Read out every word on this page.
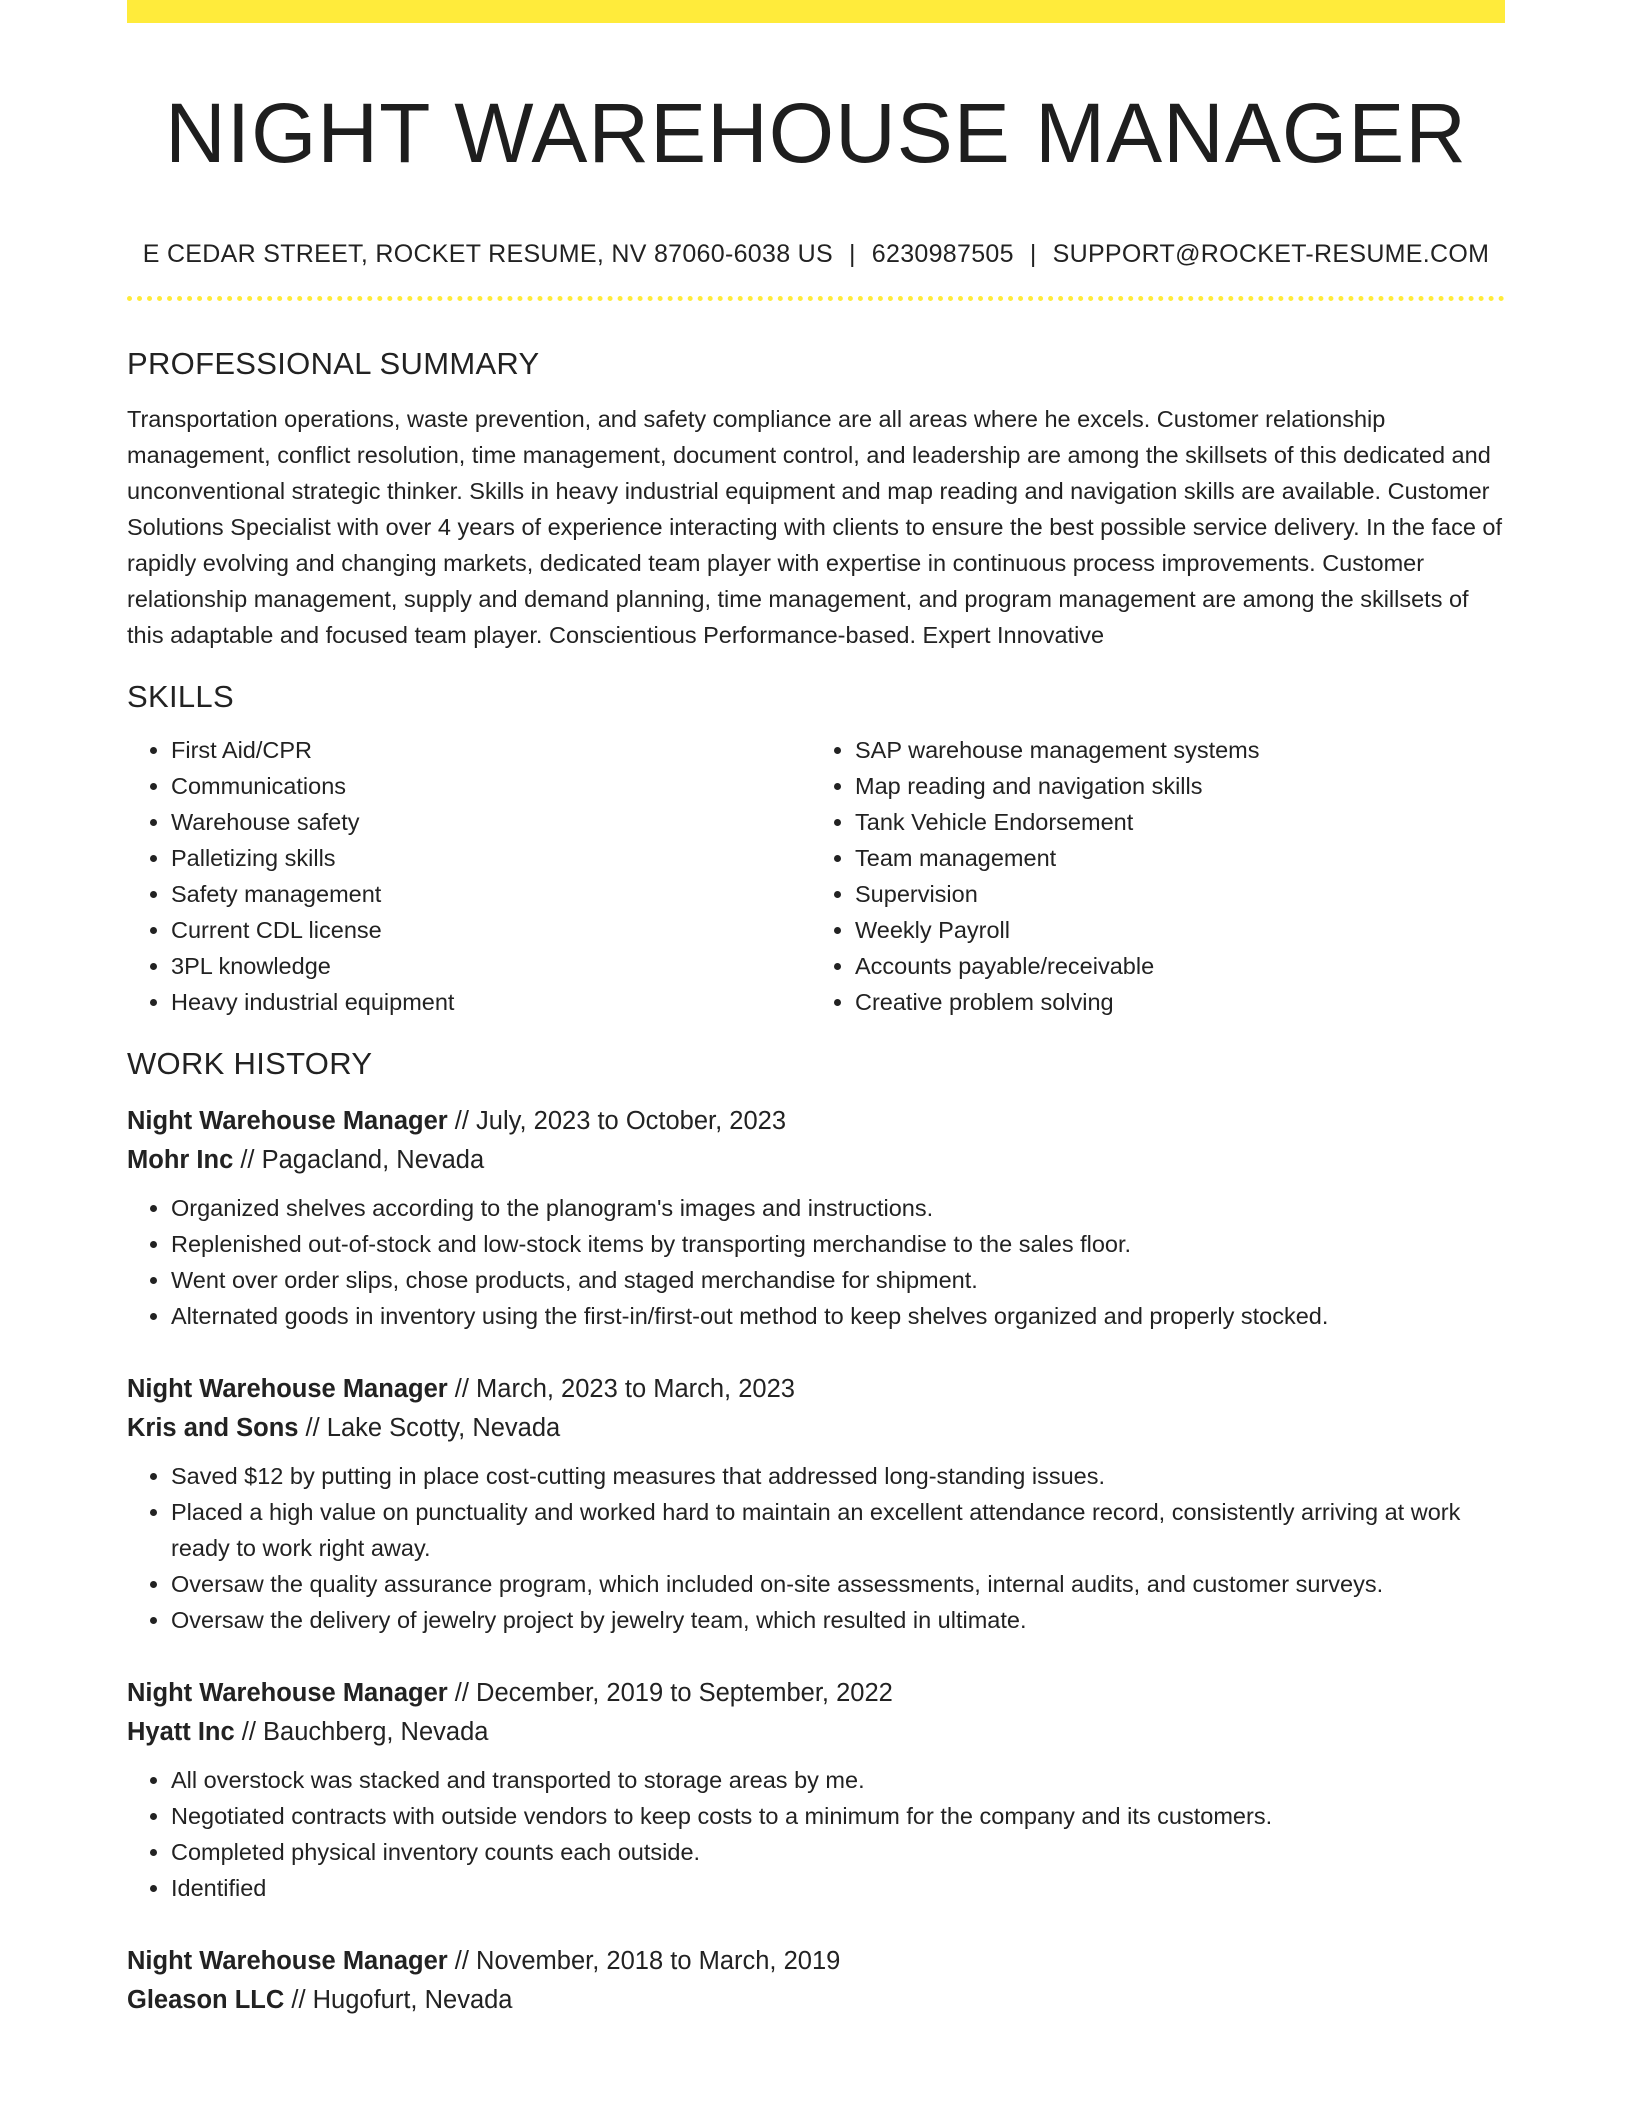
NIGHT WAREHOUSE MANAGER
E CEDAR STREET, ROCKET RESUME, NV 87060-6038 US | 6230987505 | SUPPORT@ROCKET-RESUME.COM
PROFESSIONAL SUMMARY
Transportation operations, waste prevention, and safety compliance are all areas where he excels. Customer relationship management, conflict resolution, time management, document control, and leadership are among the skillsets of this dedicated and unconventional strategic thinker. Skills in heavy industrial equipment and map reading and navigation skills are available. Customer Solutions Specialist with over 4 years of experience interacting with clients to ensure the best possible service delivery. In the face of rapidly evolving and changing markets, dedicated team player with expertise in continuous process improvements. Customer relationship management, supply and demand planning, time management, and program management are among the skillsets of this adaptable and focused team player. Conscientious Performance-based. Expert Innovative
SKILLS
• First Aid/CPR
• Communications
• Warehouse safety
• Palletizing skills
• Safety management
• Current CDL license
• 3PL knowledge
• Heavy industrial equipment
• SAP warehouse management systems
• Map reading and navigation skills
• Tank Vehicle Endorsement
• Team management
• Supervision
• Weekly Payroll
• Accounts payable/receivable
• Creative problem solving
WORK HISTORY
Night Warehouse Manager // July, 2023 to October, 2023
Mohr Inc // Pagacland, Nevada
• Organized shelves according to the planogram's images and instructions.
• Replenished out-of-stock and low-stock items by transporting merchandise to the sales floor.
• Went over order slips, chose products, and staged merchandise for shipment.
• Alternated goods in inventory using the first-in/first-out method to keep shelves organized and properly stocked.
Night Warehouse Manager // March, 2023 to March, 2023
Kris and Sons // Lake Scotty, Nevada
• Saved $12 by putting in place cost-cutting measures that addressed long-standing issues.
• Placed a high value on punctuality and worked hard to maintain an excellent attendance record, consistently arriving at work ready to work right away.
• Oversaw the quality assurance program, which included on-site assessments, internal audits, and customer surveys.
• Oversaw the delivery of jewelry project by jewelry team, which resulted in ultimate.
Night Warehouse Manager // December, 2019 to September, 2022
Hyatt Inc // Bauchberg, Nevada
• All overstock was stacked and transported to storage areas by me.
• Negotiated contracts with outside vendors to keep costs to a minimum for the company and its customers.
• Completed physical inventory counts each outside.
• Identified
Night Warehouse Manager // November, 2018 to March, 2019
Gleason LLC // Hugofurt, Nevada
